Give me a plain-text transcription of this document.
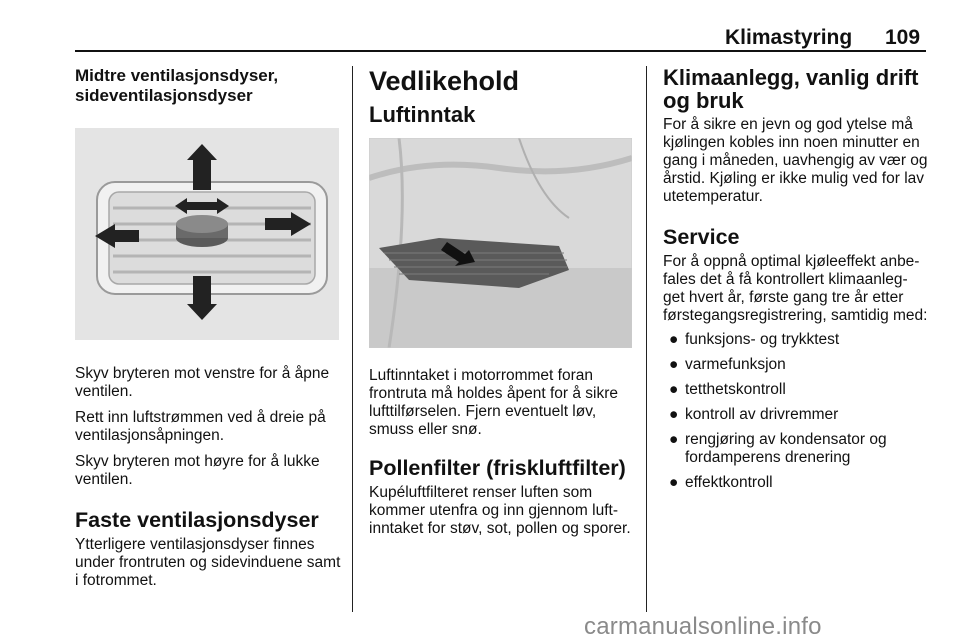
Klimastyring 109
Midtre ventilasjonsdyser, sideventilasjonsdyser

Skyv bryteren mot venstre for å åpne ventilen.

Rett inn luftstrømmen ved å dreie på ventilasjonsåpningen.

Skyv bryteren mot høyre for å lukke ventilen.

Faste ventilasjonsdyser

Ytterligere ventilasjonsdyser finnes under frontruten og sidevinduene samt i fotrommet.

Vedlikehold
Luftinntak

Luftinntaket i motorrommet foran frontruta må holdes åpent for å sikre lufttilførselen. Fjern eventuelt løv, smuss eller snø.

Pollenfilter (friskluftfilter)

Kupéluftfilteret renser luften som kommer utenfra og inn gjennom luft-inntaket for støv, sot, pollen og sporer.

Klimaanlegg, vanlig drift og bruk

For å sikre en jevn og god ytelse må kjølingen kobles inn noen minutter en gang i måneden, uavhengig av vær og årstid. Kjøling er ikke mulig ved for lav utetemperatur.

Service

For å oppnå optimal kjøleeffekt anbe-fales det å få kontrollert klimaanleg-get hvert år, første gang tre år etter førstegangsregistrering, samtidig med:

● funksjons- og trykktest
● varmefunksjon
● tetthetskontroll
● kontroll av drivremmer
● rengjøring av kondensator og fordamperens drenering
● effektkontroll
carmanualsonline.info
